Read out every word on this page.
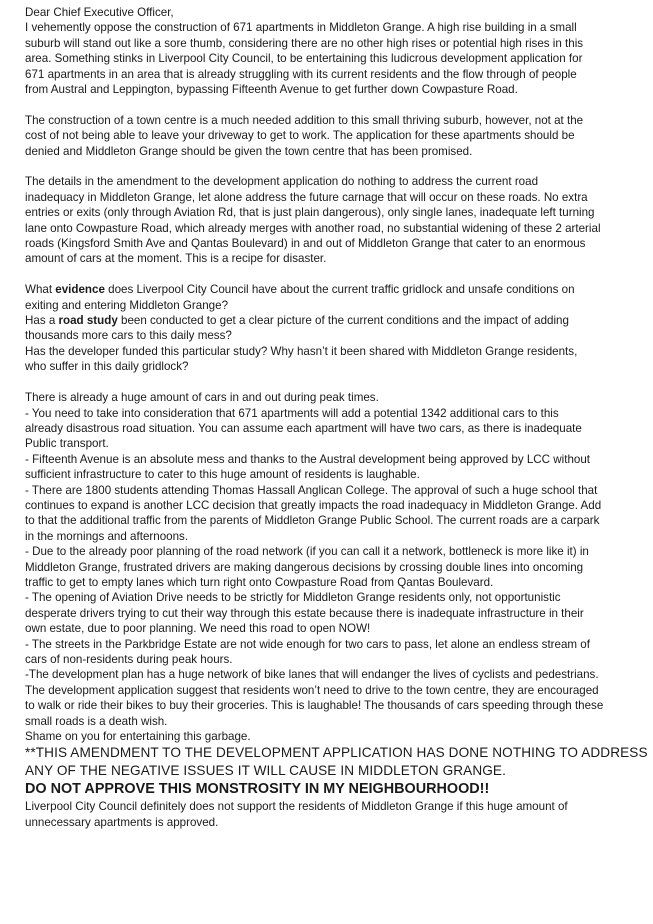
Dear Chief Executive Officer,
I vehemently oppose the construction of 671 apartments in Middleton Grange. A high rise building in a small
suburb will stand out like a sore thumb, considering there are no other high rises or potential high rises in this
area. Something stinks in Liverpool City Council, to be entertaining this ludicrous development application for
671 apartments in an area that is already struggling with its current residents and the flow through of people
from Austral and Leppington, bypassing Fifteenth Avenue to get further down Cowpasture Road.
The construction of a town centre is a much needed addition to this small thriving suburb, however, not at the
cost of not being able to leave your driveway to get to work. The application for these apartments should be
denied and Middleton Grange should be given the town centre that has been promised.
The details in the amendment to the development application do nothing to address the current road
inadequacy in Middleton Grange, let alone address the future carnage that will occur on these roads. No extra
entries or exits (only through Aviation Rd, that is just plain dangerous), only single lanes, inadequate left turning
lane onto Cowpasture Road, which already merges with another road, no substantial widening of these 2 arterial
roads (Kingsford Smith Ave and Qantas Boulevard) in and out of Middleton Grange that cater to an enormous
amount of cars at the moment. This is a recipe for disaster.
What evidence does Liverpool City Council have about the current traffic gridlock and unsafe conditions on
exiting and entering Middleton Grange?
Has a road study been conducted to get a clear picture of the current conditions and the impact of adding
thousands more cars to this daily mess?
Has the developer funded this particular study? Why hasn’t it been shared with Middleton Grange residents,
who suffer in this daily gridlock?
There is already a huge amount of cars in and out during peak times.
- You need to take into consideration that 671 apartments will add a potential 1342 additional cars to this
already disastrous road situation. You can assume each apartment will have two cars, as there is inadequate
Public transport.
- Fifteenth Avenue is an absolute mess and thanks to the Austral development being approved by LCC without
sufficient infrastructure to cater to this huge amount of residents is laughable.
- There are 1800 students attending Thomas Hassall Anglican College. The approval of such a huge school that
continues to expand is another LCC decision that greatly impacts the road inadequacy in Middleton Grange. Add
to that the additional traffic from the parents of Middleton Grange Public School. The current roads are a carpark
in the mornings and afternoons.
- Due to the already poor planning of the road network (if you can call it a network, bottleneck is more like it) in
Middleton Grange, frustrated drivers are making dangerous decisions by crossing double lines into oncoming
traffic to get to empty lanes which turn right onto Cowpasture Road from Qantas Boulevard.
- The opening of Aviation Drive needs to be strictly for Middleton Grange residents only, not opportunistic
desperate drivers trying to cut their way through this estate because there is inadequate infrastructure in their
own estate, due to poor planning. We need this road to open NOW!
- The streets in the Parkbridge Estate are not wide enough for two cars to pass, let alone an endless stream of
cars of non-residents during peak hours.
-The development plan has a huge network of bike lanes that will endanger the lives of cyclists and pedestrians.
The development application suggest that residents won’t need to drive to the town centre, they are encouraged
to walk or ride their bikes to buy their groceries. This is laughable! The thousands of cars speeding through these
small roads is a death wish.
Shame on you for entertaining this garbage.
**THIS AMENDMENT TO THE DEVELOPMENT APPLICATION HAS DONE NOTHING TO ADDRESS
ANY OF THE NEGATIVE ISSUES IT WILL CAUSE IN MIDDLETON GRANGE.
DO NOT APPROVE THIS MONSTROSITY IN MY NEIGHBOURHOOD!!
Liverpool City Council definitely does not support the residents of Middleton Grange if this huge amount of
unnecessary apartments is approved.
